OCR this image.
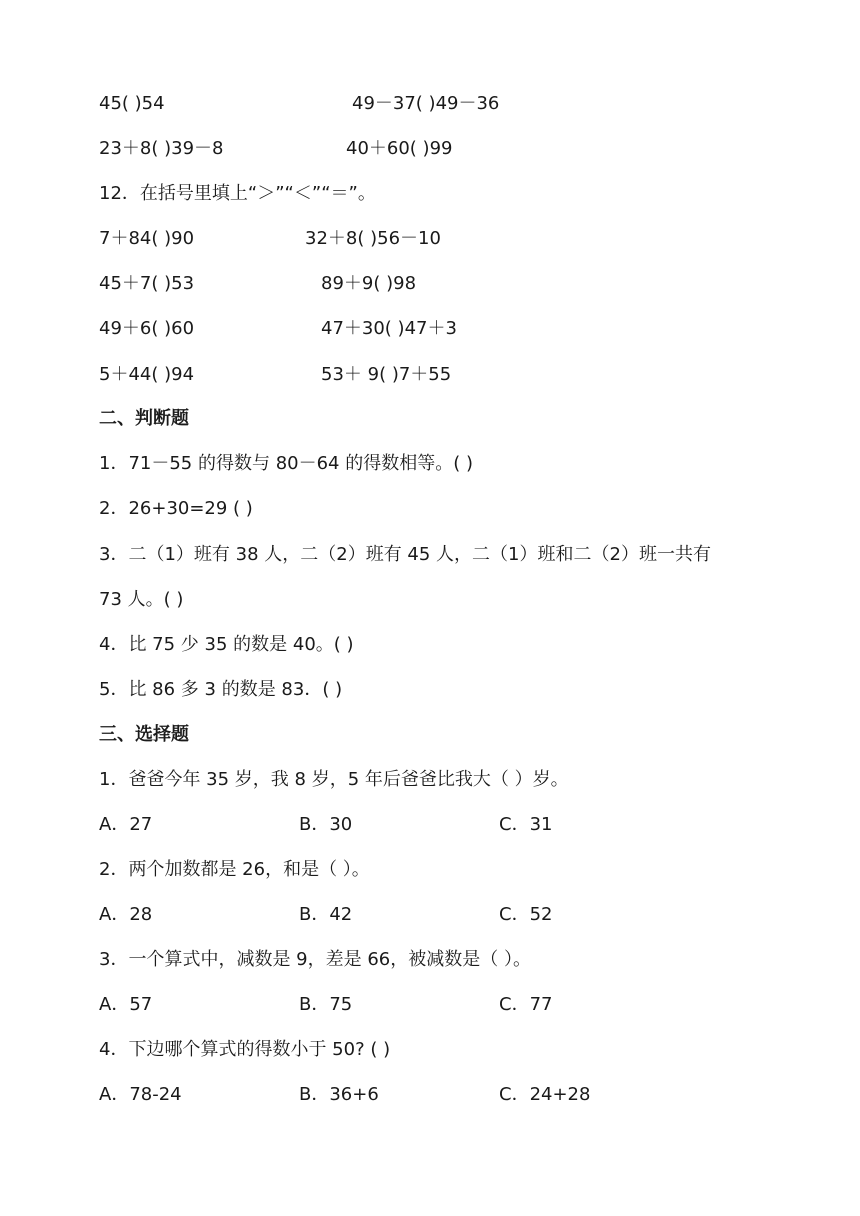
45( )54	49－37( )49－36
23＋8( )39－8	40＋60( )99
12．在括号里填上“＞”“＜”“＝”。
7＋84( )90	32＋8( )56－10
45＋7( )53	89＋9( )98
49＋6( )60	47＋30( )47＋3
5＋44( )94	53＋ 9( )7＋55
二、判断题
1．71－55 的得数与 80－64 的得数相等。( )
2．26+30=29 ( )
3．二（1）班有 38 人，二（2）班有 45 人，二（1）班和二（2）班一共有
73 人。( )
4．比 75 少 35 的数是 40。( )
5．比 86 多 3 的数是 83．( )
三、选择题
1．爸爸今年 35 岁，我 8 岁，5 年后爸爸比我大（ ）岁。
A．27	B．30	C．31
2．两个加数都是 26，和是（ ）。
A．28	B．42	C．52
3．一个算式中，减数是 9，差是 66，被减数是（ ）。
A．57	B．75	C．77
4．下边哪个算式的得数小于 50? ( )
A．78-24	B．36+6	C．24+28
